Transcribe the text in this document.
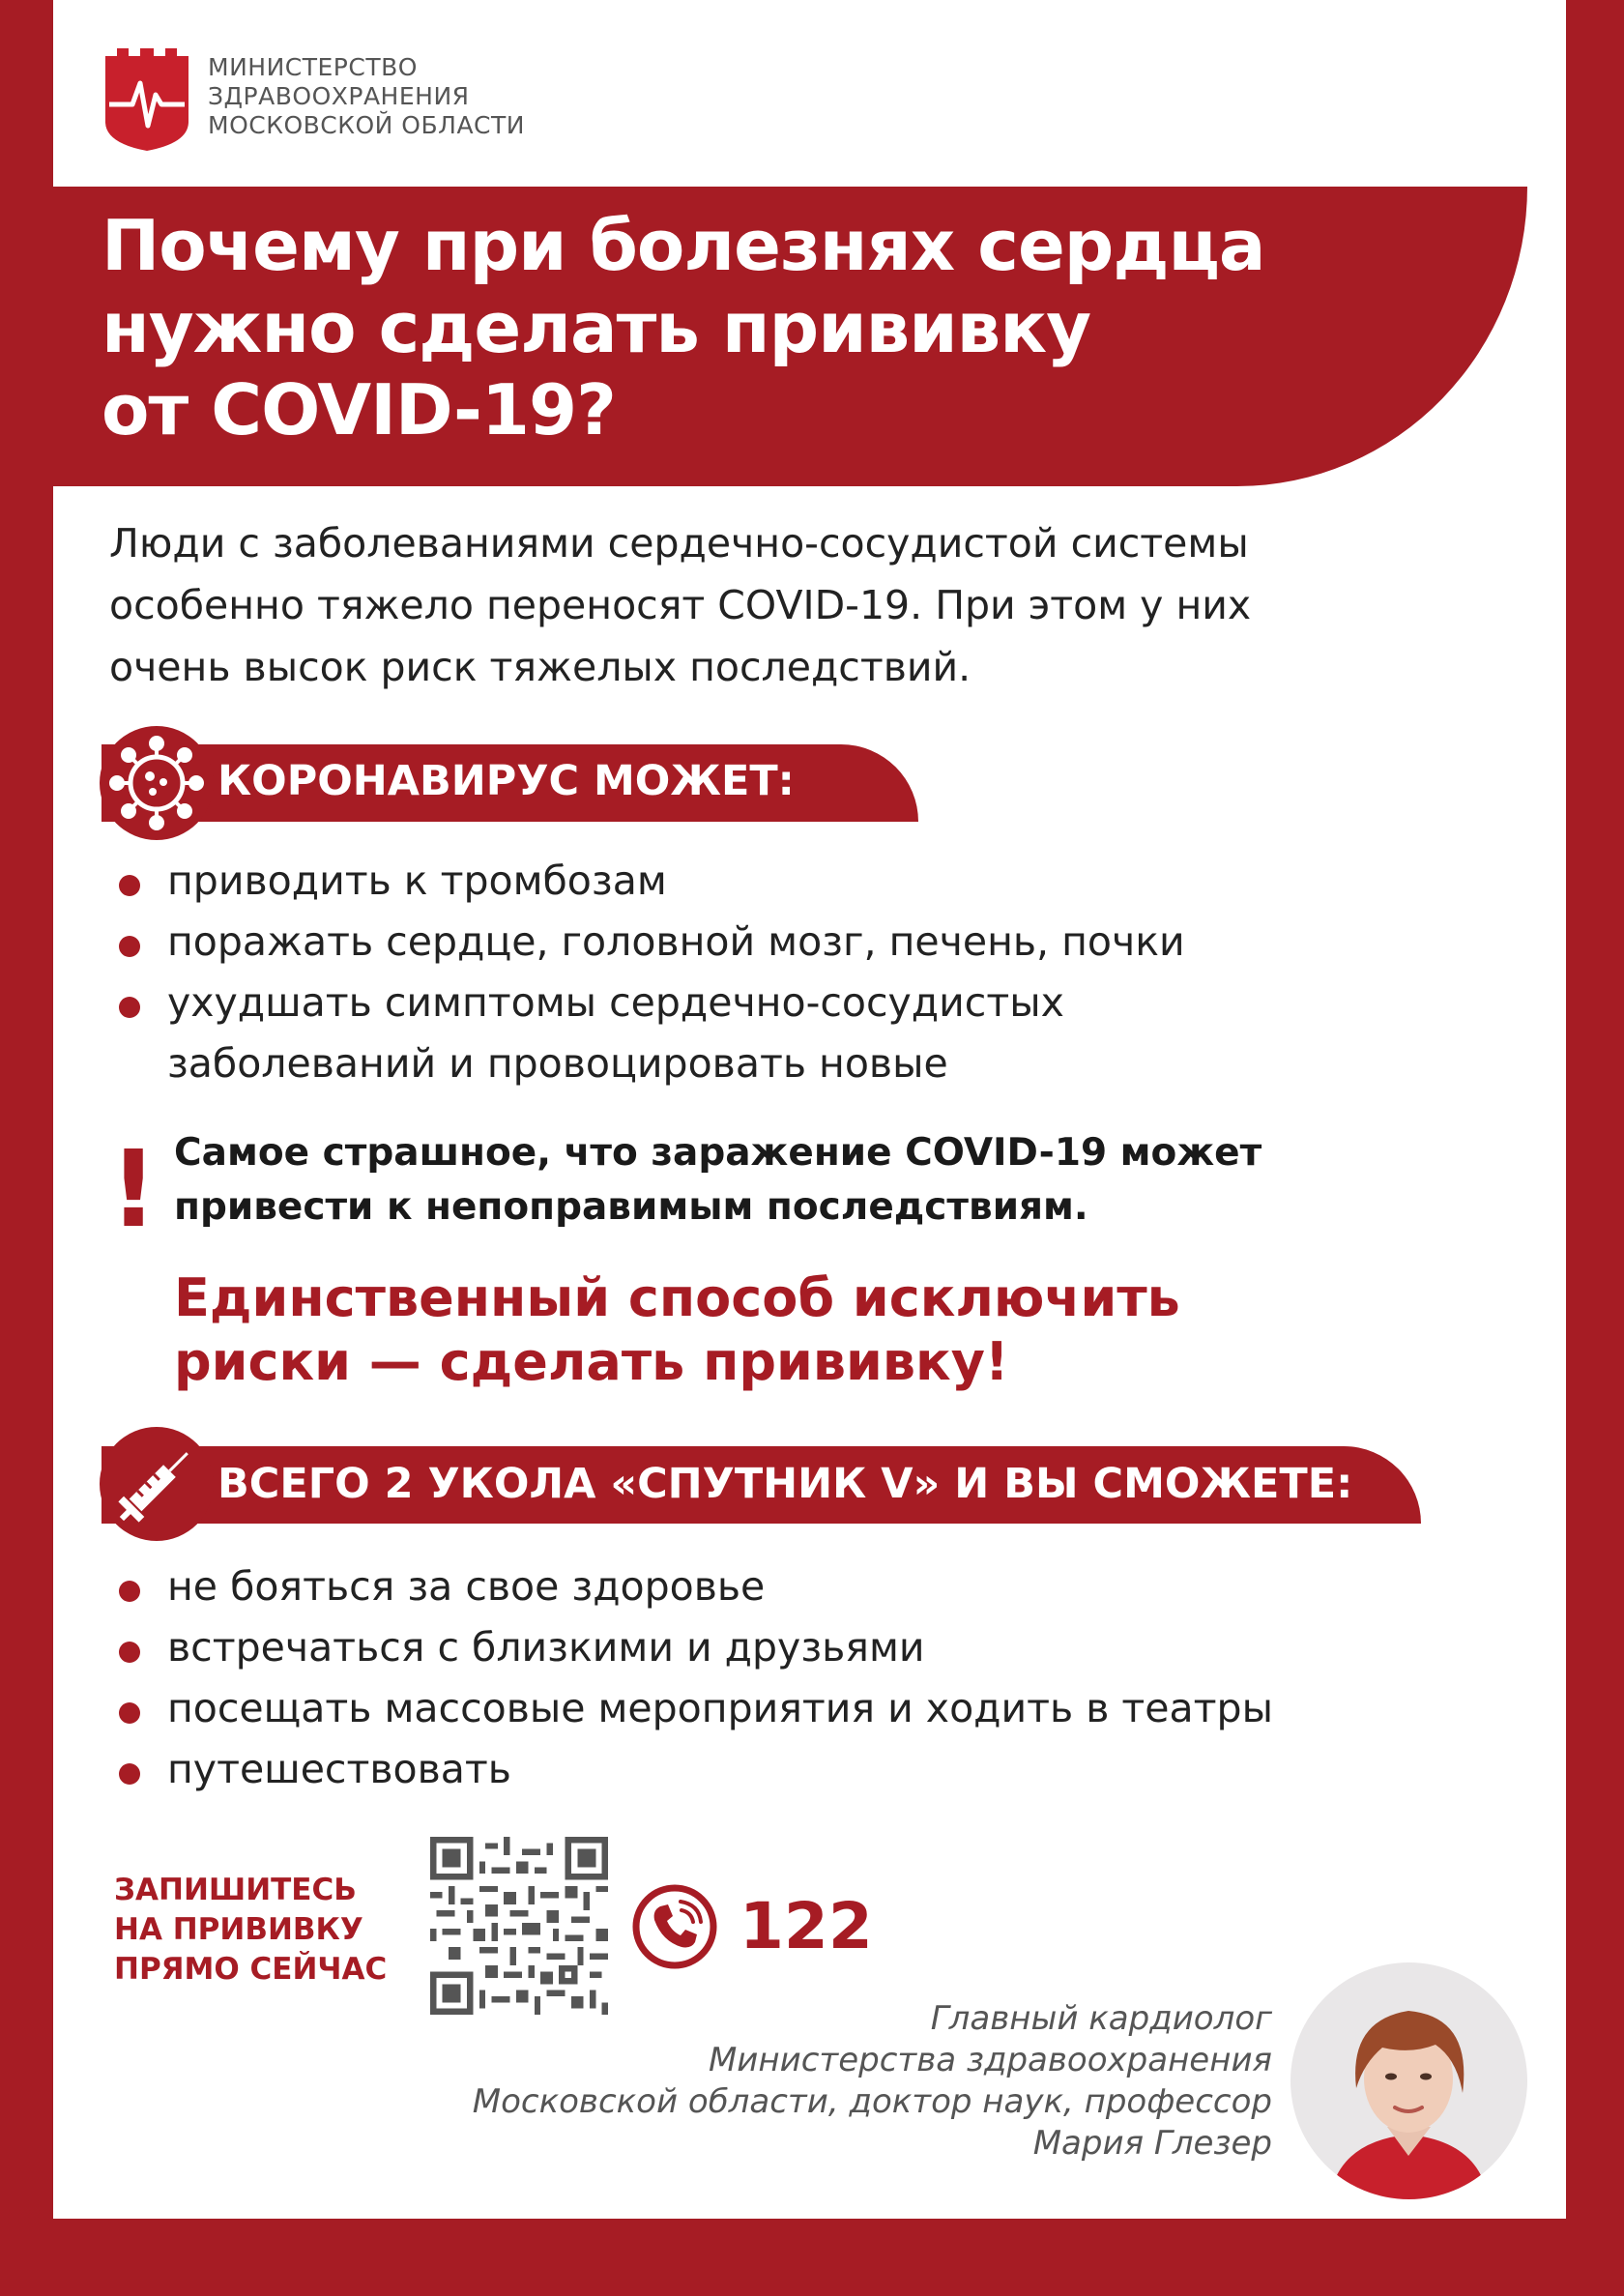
МИНИСТЕРСТВО
ЗДРАВООХРАНЕНИЯ
МОСКОВСКОЙ ОБЛАСТИ
Почему при болезнях сердца
нужно сделать прививку
от COVID-19?
Люди с заболеваниями сердечно-сосудистой системы
особенно тяжело переносят COVID-19. При этом у них
очень высок риск тяжелых последствий.
КОРОНАВИРУС МОЖЕТ:
приводить к тромбозам
поражать сердце, головной мозг, печень, почки
ухудшать симптомы сердечно-сосудистых
заболеваний и провоцировать новые
! Самое страшное, что заражение COVID-19 может
привести к непоправимым последствиям.
Единственный способ исключить
риски — сделать прививку!
ВСЕГО 2 УКОЛА «СПУТНИК V» И ВЫ СМОЖЕТЕ:
не бояться за свое здоровье
встречаться с близкими и друзьями
посещать массовые мероприятия и ходить в театры
путешествовать
ЗАПИШИТЕСЬ
НА ПРИВИВКУ
ПРЯМО СЕЙЧАС
122
Главный кардиолог
Министерства здравоохранения
Московской области, доктор наук, профессор
Мария Глезер
